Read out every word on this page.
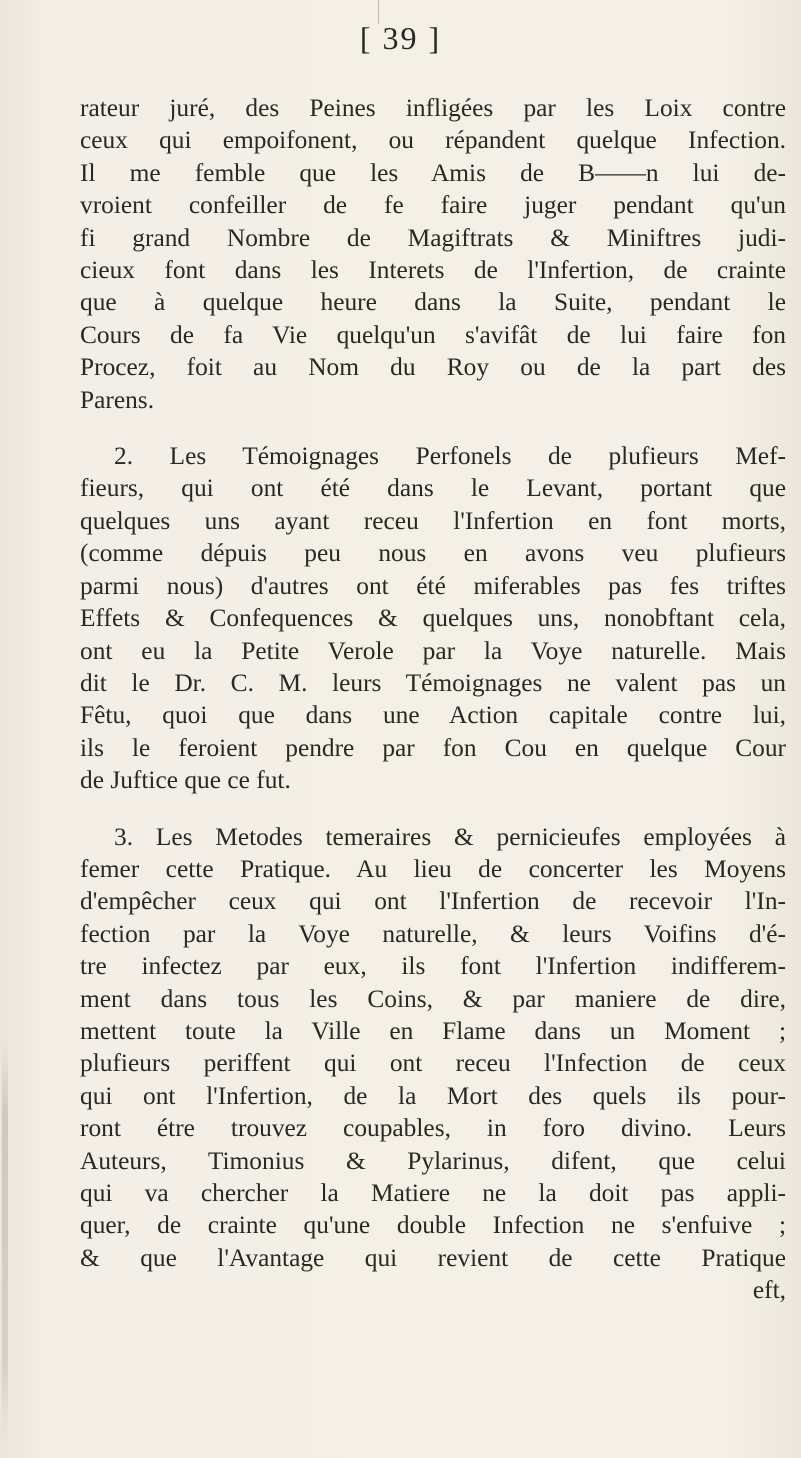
[ 39 ]

rateur juré, des Peines infligées par les Loix contre
ceux qui empoifonent, ou répandent quelque Infection.
Il me femble que les Amis de B——n lui de-
vroient confeiller de fe faire juger pendant qu'un
fi grand Nombre de Magiftrats & Miniftres judi-
cieux font dans les Interets de l'Infertion, de crainte
que à quelque heure dans la Suite, pendant le
Cours de fa Vie quelqu'un s'avifât de lui faire fon
Procez, foit au Nom du Roy ou de la part des
Parens.

2. Les Témoignages Perfonels de plufieurs Mef-
fieurs, qui ont été dans le Levant, portant que
quelques uns ayant receu l'Infertion en font morts,
(comme dépuis peu nous en avons veu plufieurs
parmi nous) d'autres ont été miferables pas fes triftes
Effets & Confequences & quelques uns, nonobftant cela,
ont eu la Petite Verole par la Voye naturelle. Mais
dit le Dr. C. M. leurs Témoignages ne valent pas un
Fêtu, quoi que dans une Action capitale contre lui,
ils le feroient pendre par fon Cou en quelque Cour
de Juftice que ce fut.

3. Les Metodes temeraires & pernicieufes employées à
femer cette Pratique. Au lieu de concerter les Moyens
d'empêcher ceux qui ont l'Infertion de recevoir l'In-
fection par la Voye naturelle, & leurs Voifins d'é-
tre infectez par eux, ils font l'Infertion indifferem-
ment dans tous les Coins, & par maniere de dire,
mettent toute la Ville en Flame dans un Moment ;
plufieurs periffent qui ont receu l'Infection de ceux
qui ont l'Infertion, de la Mort des quels ils pour-
ront étre trouvez coupables, in foro divino. Leurs
Auteurs, Timonius & Pylarinus, difent, que celui
qui va chercher la Matiere ne la doit pas appli-
quer, de crainte qu'une double Infection ne s'enfuive ;
& que l'Avantage qui revient de cette Pratique
eft,
